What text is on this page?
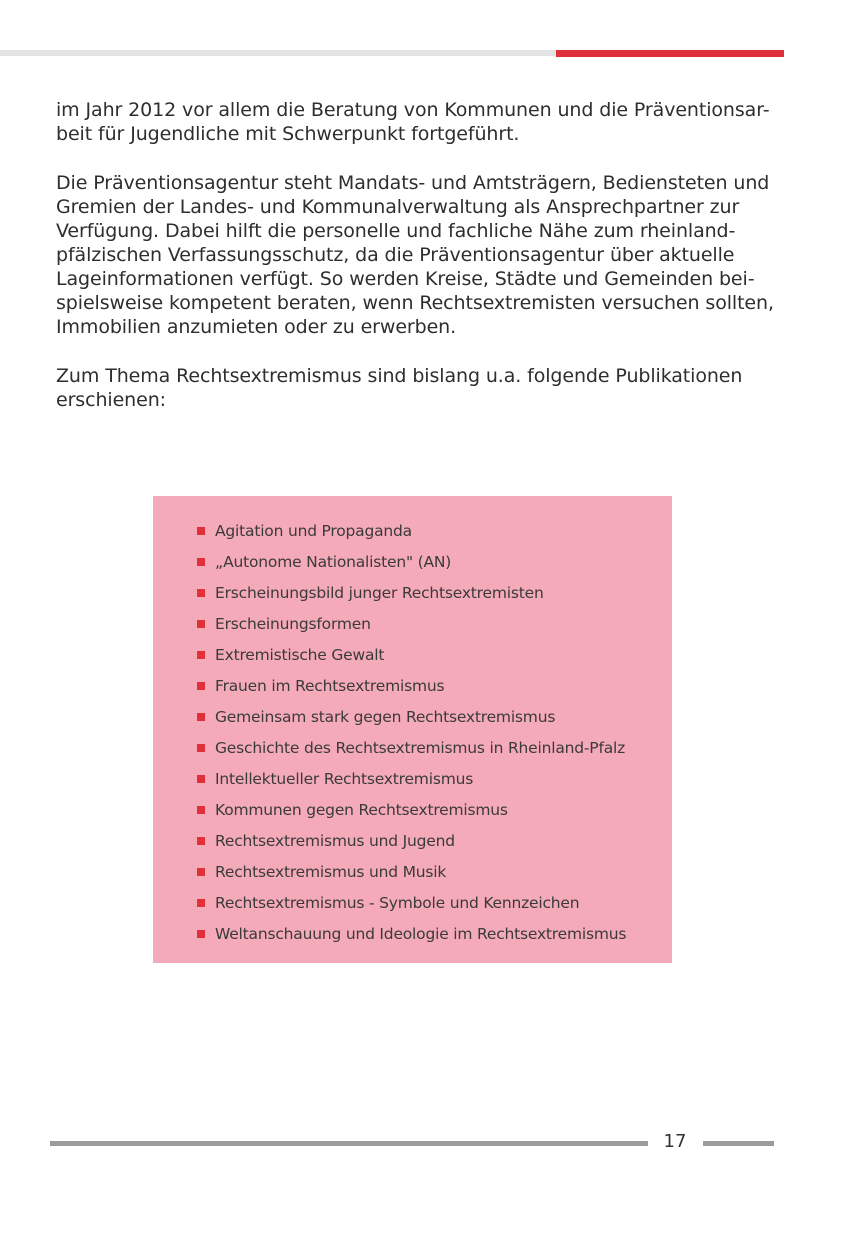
im Jahr 2012 vor allem die Beratung von Kommunen und die Präventionsar-
beit für Jugendliche mit Schwerpunkt fortgeführt.

Die Präventionsagentur steht Mandats- und Amtsträgern, Bediensteten und
Gremien der Landes- und Kommunalverwaltung als Ansprechpartner zur
Verfügung. Dabei hilft die personelle und fachliche Nähe zum rheinland-
pfälzischen Verfassungsschutz, da die Präventionsagentur über aktuelle
Lageinformationen verfügt. So werden Kreise, Städte und Gemeinden bei-
spielsweise kompetent beraten, wenn Rechtsextremisten versuchen sollten,
Immobilien anzumieten oder zu erwerben.

Zum Thema Rechtsextremismus sind bislang u.a. folgende Publikationen
erschienen:

Agitation und Propaganda
„Autonome Nationalisten" (AN)
Erscheinungsbild junger Rechtsextremisten
Erscheinungsformen
Extremistische Gewalt
Frauen im Rechtsextremismus
Gemeinsam stark gegen Rechtsextremismus
Geschichte des Rechtsextremismus in Rheinland-Pfalz
Intellektueller Rechtsextremismus
Kommunen gegen Rechtsextremismus
Rechtsextremismus und Jugend
Rechtsextremismus und Musik
Rechtsextremismus - Symbole und Kennzeichen
Weltanschauung und Ideologie im Rechtsextremismus
17
